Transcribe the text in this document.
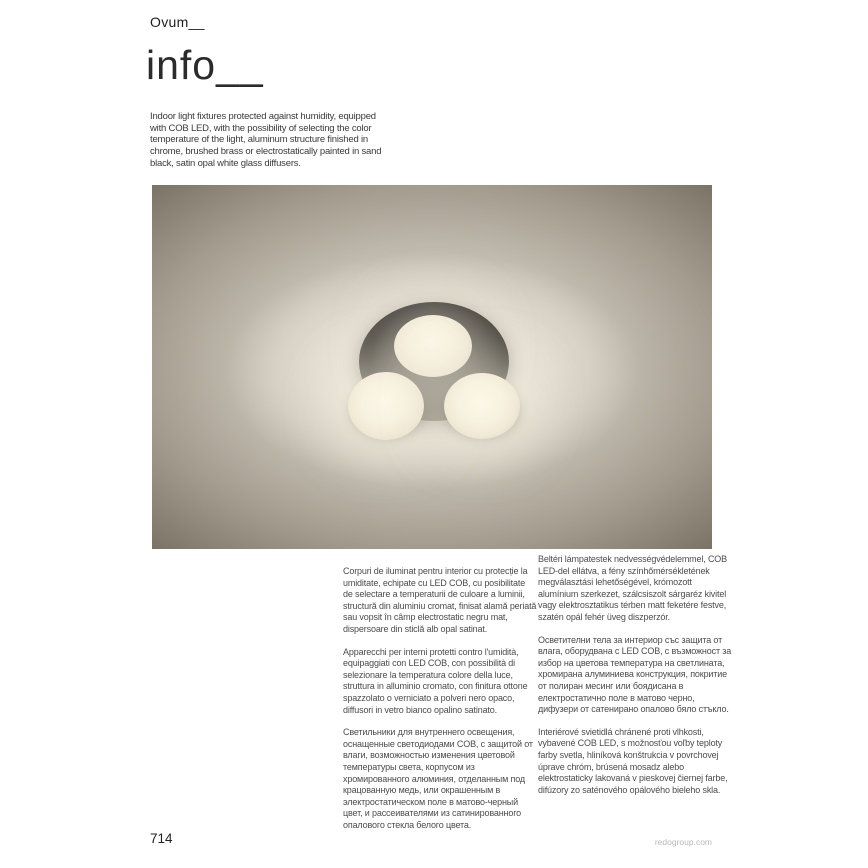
Ovum__
info__
Indoor light fixtures protected against humidity, equipped with COB LED, with the possibility of selecting the color temperature of the light, aluminum structure finished in chrome, brushed brass or electrostatically painted in sand black, satin opal white glass diffusers.

Corpuri de iluminat pentru interior cu protecție la umiditate, echipate cu LED COB, cu posibilitate de selectare a temperaturii de culoare a luminii, structură din aluminiu cromat, finisat alamă periată sau vopsit în câmp electrostatic negru mat, dispersoare din sticlă alb opal satinat.

Apparecchi per interni protetti contro l'umidità, equipaggiati con LED COB, con possibilità di selezionare la temperatura colore della luce, struttura in alluminio cromato, con finitura ottone spazzolato o verniciato a polveri nero opaco, diffusori in vetro bianco opalino satinato.

Светильники для внутреннего освещения, оснащенные светодиодами COB, с защитой от влаги, возможностью изменения цветовой температуры света, корпусом из хромированного алюминия, отделанным под крацованную медь, или окрашенным в электростатическом поле в матово-черный цвет, и рассеивателями из сатинированного опалового стекла белого цвета.

Beltéri lámpatestek nedvességvédelemmel, COB LED-del ellátva, a fény színhőmérsékletének megválasztási lehetőségével, krómozott alumínium szerkezet, szálcsiszolt sárgaréz kivitel vagy elektrosztatikus térben matt feketére festve, szatén opál fehér üveg diszperzór.

Осветителни тела за интериор със защита от влага, оборудвана с LED COB, с възможност за избор на цветова температура на светлината, хромирана алуминиева конструкция, покритие от полиран месинг или боядисана в електростатично поле в матово черно, дифузери от сатенирано опалово бяло стъкло.

Interiérové svietidlá chránené proti vlhkosti, vybavené COB LED, s možnosťou voľby teploty farby svetla, hliníková konštrukcia v povrchovej úprave chróm, brúsená mosadz alebo elektrostaticky lakovaná v pieskovej čiernej farbe, difúzory zo saténového opálového bieleho skla.

714	redogroup.com
